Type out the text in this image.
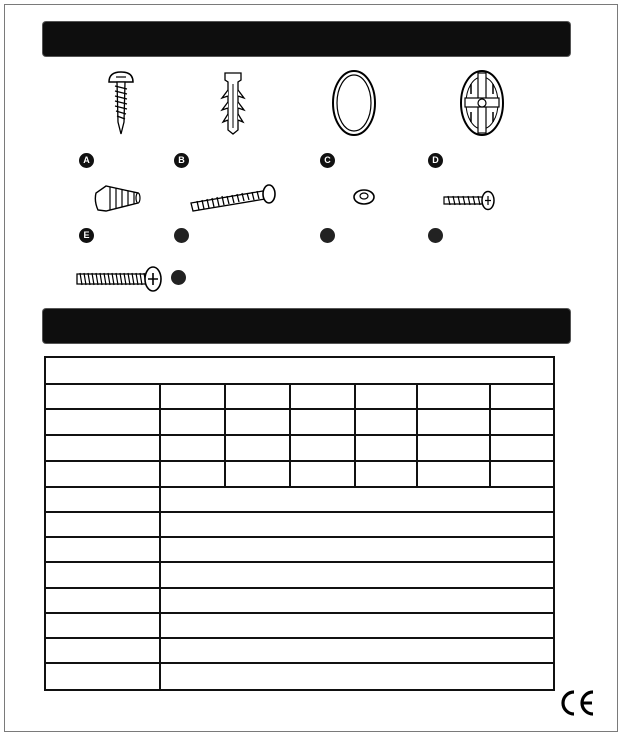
A	B	C	D
E
